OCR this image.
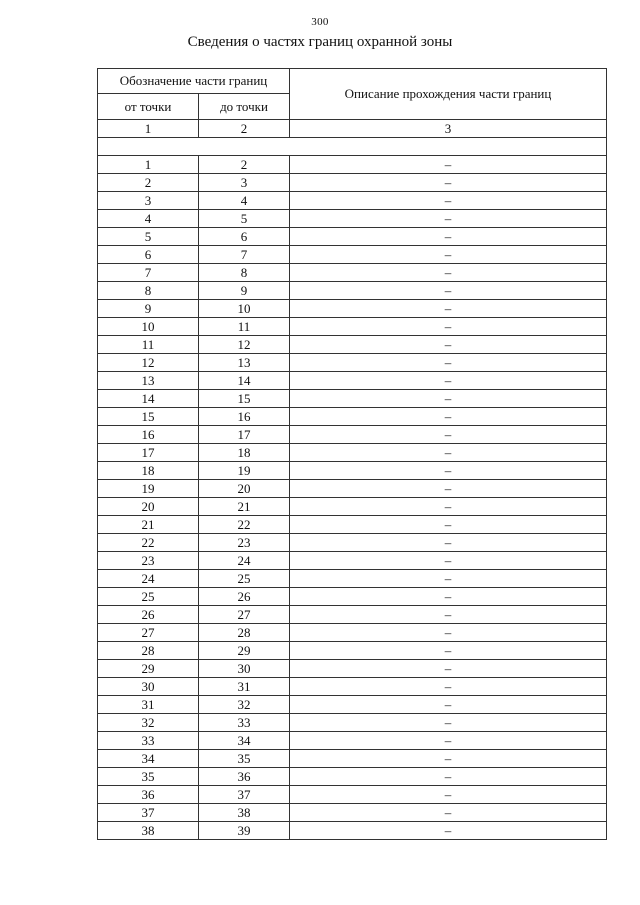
300
Сведения о частях границ охранной зоны
Обозначение части границ		Описание прохождения части границ
от точки	до точки	
1	2	3

1	2	–
2	3	–
3	4	–
4	5	–
5	6	–
6	7	–
7	8	–
8	9	–
9	10	–
10	11	–
11	12	–
12	13	–
13	14	–
14	15	–
15	16	–
16	17	–
17	18	–
18	19	–
19	20	–
20	21	–
21	22	–
22	23	–
23	24	–
24	25	–
25	26	–
26	27	–
27	28	–
28	29	–
29	30	–
30	31	–
31	32	–
32	33	–
33	34	–
34	35	–
35	36	–
36	37	–
37	38	–
38	39	–
